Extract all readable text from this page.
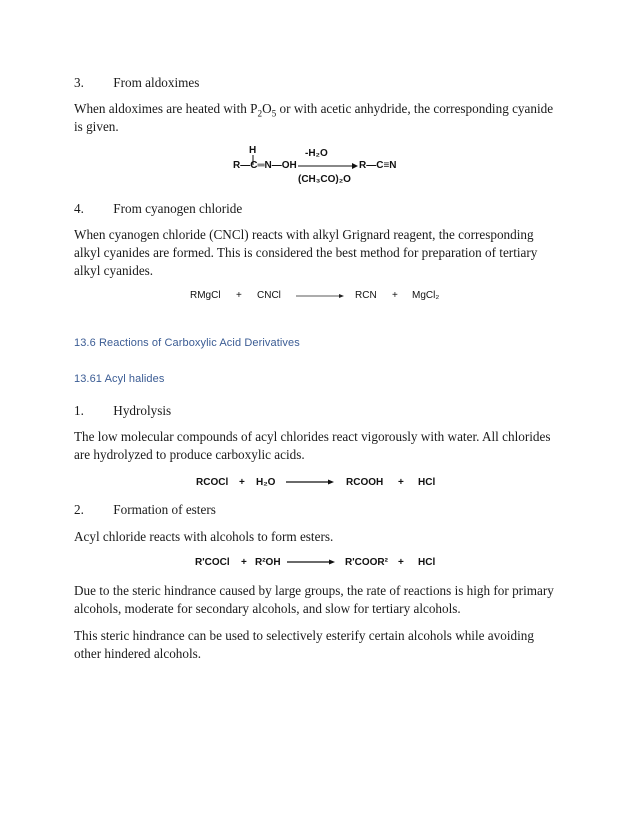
3. From aldoximes
When aldoximes are heated with $P_2O_5$ or with acetic anhydride, the corresponding cyanide is given.
H
R—C═N—OH
-H₂O
(CH₃CO)₂O
R—C≡N
4. From cyanogen chloride
When cyanogen chloride (CNCl) reacts with alkyl Grignard reagent, the corresponding alkyl cyanides are formed. This is considered the best method for preparation of tertiary alkyl cyanides.
RMgCl + CNCl → RCN + MgCl₂
13.6 Reactions of Carboxylic Acid Derivatives
13.61 Acyl halides
1. Hydrolysis
The low molecular compounds of acyl chlorides react vigorously with water. All chlorides are hydrolyzed to produce carboxylic acids.
RCOCl + H₂O → RCOOH + HCl
2. Formation of esters
Acyl chloride reacts with alcohols to form esters.
R'COCl + R²OH → R'COOR² + HCl
Due to the steric hindrance caused by large groups, the rate of reactions is high for primary alcohols, moderate for secondary alcohols, and slow for tertiary alcohols.
This steric hindrance can be used to selectively esterify certain alcohols while avoiding other hindered alcohols.
